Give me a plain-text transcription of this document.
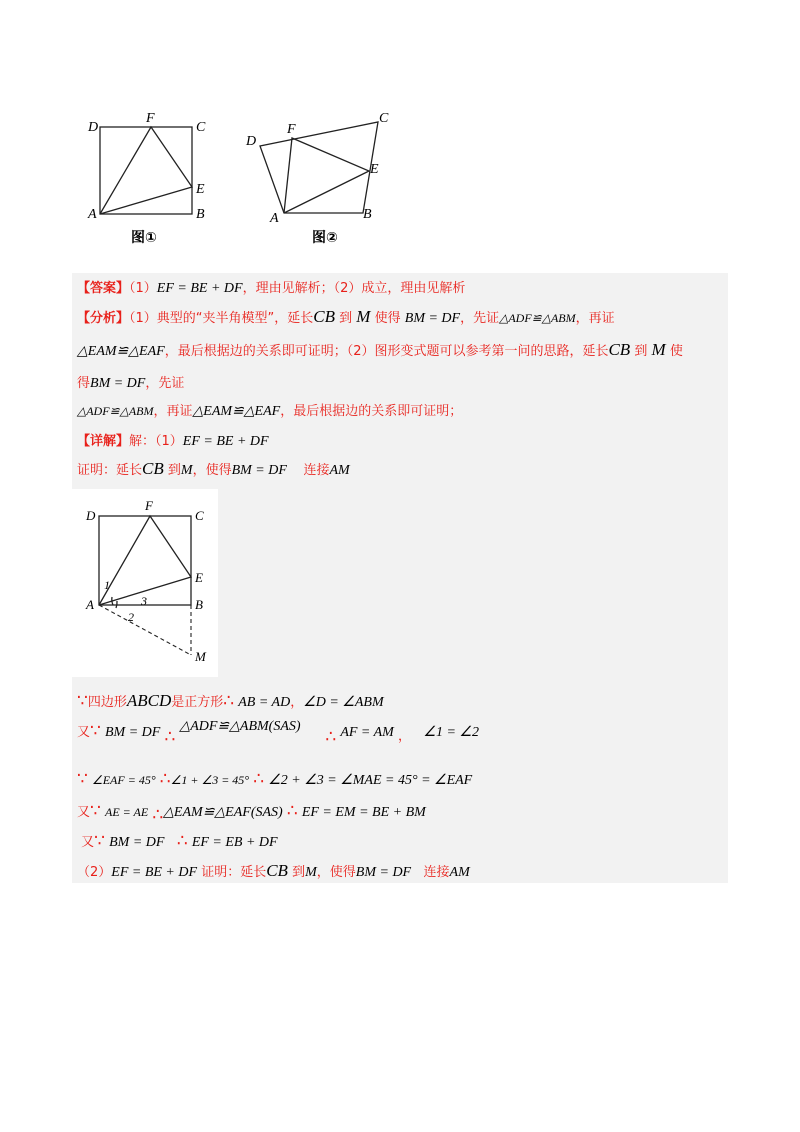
D
F
C
E
A	B
图①
D
F
C
E
A	B
图②
【答案】（1）EF = BE + DF，理由见解析；（2）成立，理由见解析
【分析】（1）典型的“夹半角模型”，延长CB 到 M 使得 BM = DF，先证△ADF≌△ABM，再证
△EAM≌△EAF，最后根据边的关系即可证明；（2）图形变式题可以参考第一问的思路，延长CB 到 M 使
得BM = DF，先证
△ADF≌△ABM，再证△EAM≌△EAF，最后根据边的关系即可证明；
【详解】解：（1）EF = BE + DF
证明：延长CB 到M，使得BM = DF 连接AM
D
F
C
E
A	B
M
1
3
2
∵四边形ABCD是正方形∴ AB = AD，∠D = ∠ABM
又∵ BM = DF ∴ △ADF≌△ABM(SAS)      ∴ AF = AM ， ∠1 = ∠2
∵ ∠EAF = 45° ∴∠1 + ∠3 = 45° ∴ ∠2 + ∠3 = ∠MAE = 45° = ∠EAF
又∵ AE = AE ∴△EAM≌△EAF(SAS) ∴ EF = EM = BE + BM
又∵ BM = DF ∴ EF = EB + DF
（2）EF = BE + DF 证明：延长CB 到M，使得BM = DF 连接AM
